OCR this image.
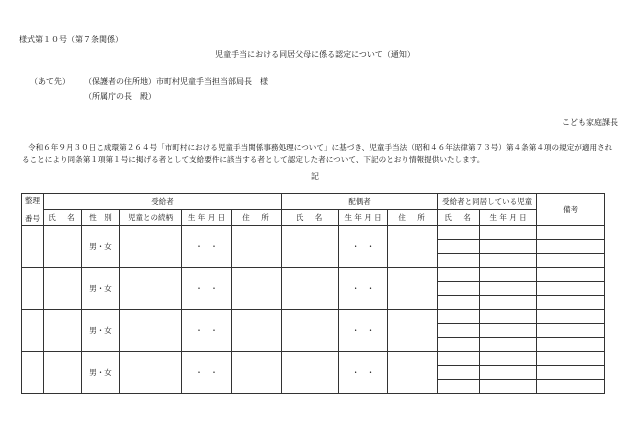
様式第１０号（第７条関係）
児童手当における同居父母に係る認定について（通知）
（あて先） （保護者の住所地）市町村児童手当担当部局長　様
（所属庁の長　殿）
こども家庭課長
令和６年９月３０日こ成環第２６４号「市町村における児童手当関係事務処理について」に基づき、児童手当法（昭和４６年法律第７３号）第４条第４項の規定が適用されることにより同条第１項第１号に掲げる者として支給要件に該当する者として認定した者について、下記のとおり情報提供いたします。
記
整理

番号	受給者					配偶者			受給者と同居している児童		備考
	氏　名	性　別	児童との続柄	生 年 月 日	住　所	氏　名	生 年 月 日	住　所	氏　名	生 年 月 日	
		男・女		・　・			・　・				

		男・女		・　・			・　・				

		男・女		・　・			・　・				

		男・女		・　・			・　・				
